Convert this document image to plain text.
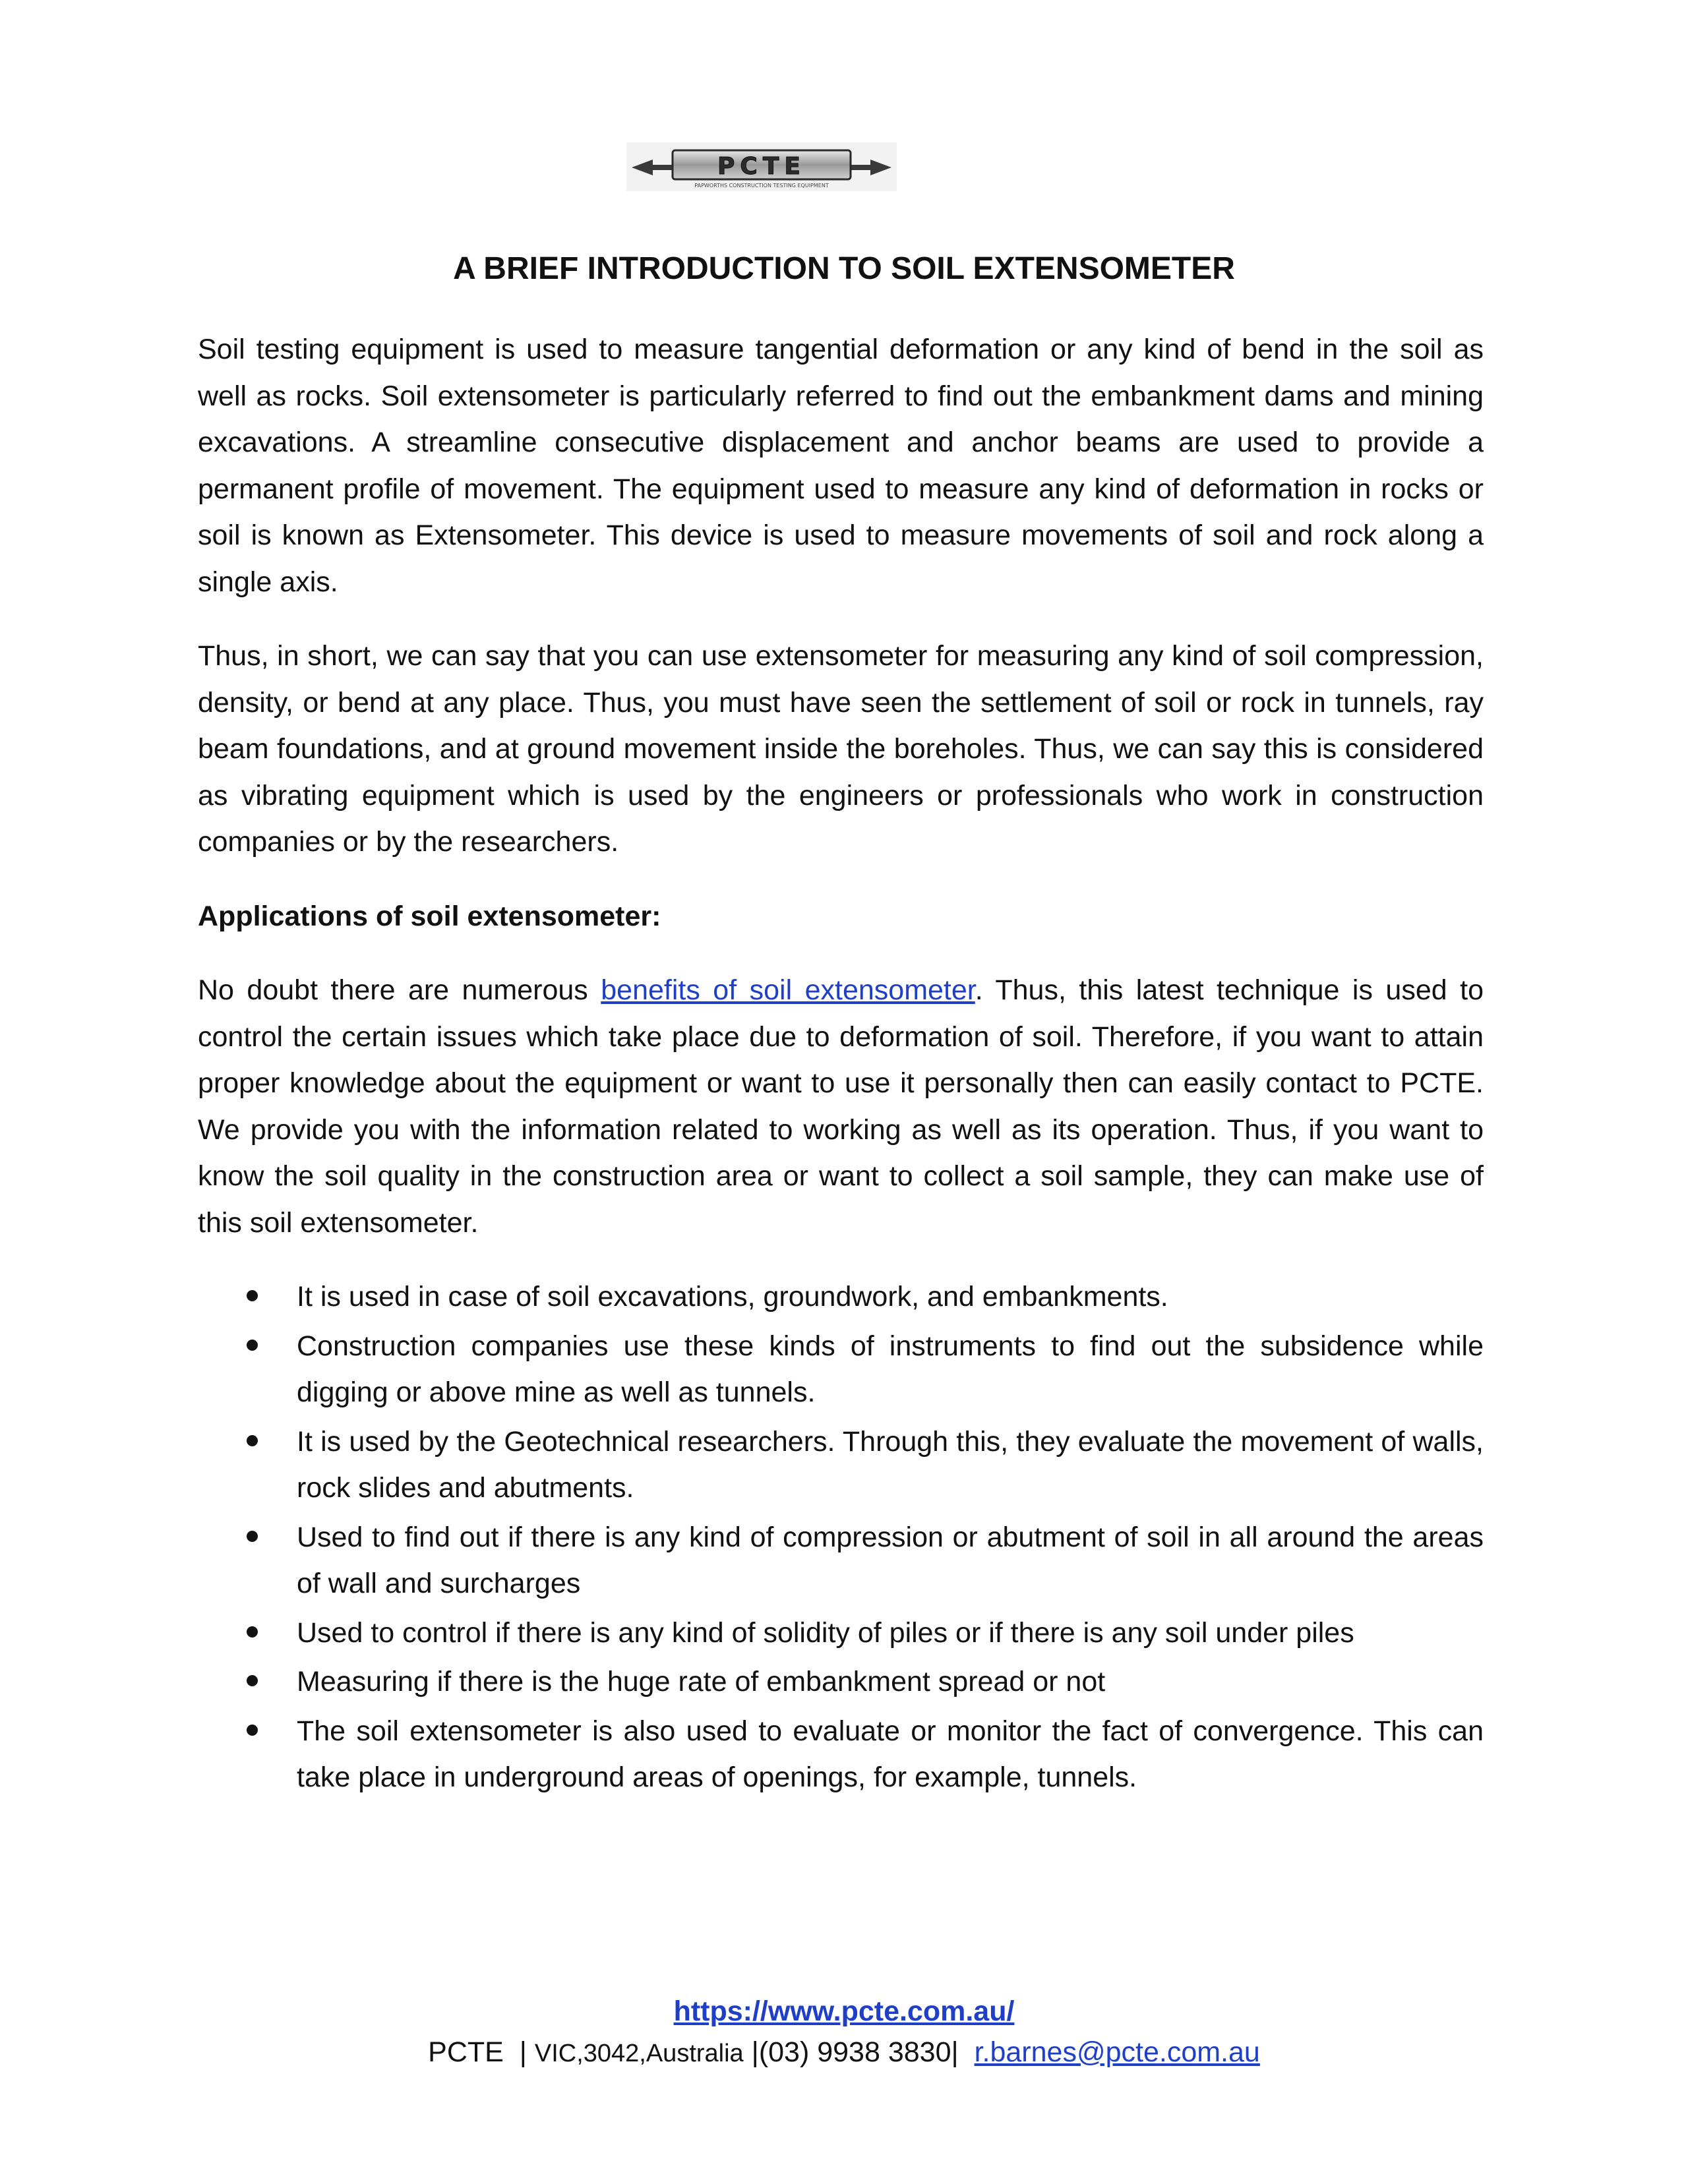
PCTE
PAPWORTHS CONSTRUCTION TESTING EQUIPMENT
A BRIEF INTRODUCTION TO SOIL EXTENSOMETER

Soil testing equipment is used to measure tangential deformation or any kind of bend in the soil as well as rocks. Soil extensometer is particularly referred to find out the embankment dams and mining excavations. A streamline consecutive displacement and anchor beams are used to provide a permanent profile of movement. The equipment used to measure any kind of deformation in rocks or soil is known as Extensometer. This device is used to measure movements of soil and rock along a single axis.

Thus, in short, we can say that you can use extensometer for measuring any kind of soil compression, density, or bend at any place. Thus, you must have seen the settlement of soil or rock in tunnels, ray beam foundations, and at ground movement inside the boreholes. Thus, we can say this is considered as vibrating equipment which is used by the engineers or professionals who work in construction companies or by the researchers.

Applications of soil extensometer:

No doubt there are numerous benefits of soil extensometer. Thus, this latest technique is used to control the certain issues which take place due to deformation of soil. Therefore, if you want to attain proper knowledge about the equipment or want to use it personally then can easily contact to PCTE. We provide you with the information related to working as well as its operation. Thus, if you want to know the soil quality in the construction area or want to collect a soil sample, they can make use of this soil extensometer.

It is used in case of soil excavations, groundwork, and embankments.
Construction companies use these kinds of instruments to find out the subsidence while digging or above mine as well as tunnels.
It is used by the Geotechnical researchers. Through this, they evaluate the movement of walls, rock slides and abutments.
Used to find out if there is any kind of compression or abutment of soil in all around the areas of wall and surcharges
Used to control if there is any kind of solidity of piles or if there is any soil under piles
Measuring if there is the huge rate of embankment spread or not
The soil extensometer is also used to evaluate or monitor the fact of convergence. This can take place in underground areas of openings, for example, tunnels.
https://www.pcte.com.au/
PCTE  | VIC,3042,Australia |(03) 9938 3830|  r.barnes@pcte.com.au
